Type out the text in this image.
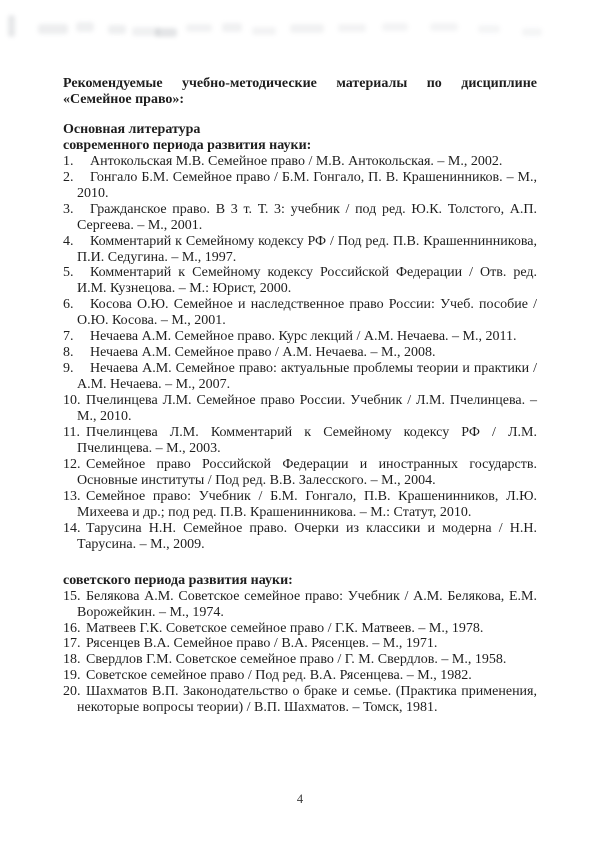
Рекомендуемые учебно-методические материалы по дисциплине
«Семейное право»:
Основная литература
современного периода развития науки:
1. Антокольская М.В. Семейное право / М.В. Антокольская. – М., 2002.
2. Гонгало Б.М. Семейное право / Б.М. Гонгало, П. В. Крашенинников. – М., 2010.
3. Гражданское право. В 3 т. Т. 3: учебник / под ред. Ю.К. Толстого, А.П. Сергеева. – М., 2001.
4. Комментарий к Семейному кодексу РФ / Под ред. П.В. Крашеннинникова, П.И. Седугина. – М., 1997.
5. Комментарий к Семейному кодексу Российской Федерации / Отв. ред. И.М. Кузнецова. – М.: Юрист, 2000.
6. Косова О.Ю. Семейное и наследственное право России: Учеб. пособие / О.Ю. Косова. – М., 2001.
7. Нечаева А.М. Семейное право. Курс лекций / А.М. Нечаева. – М., 2011.
8. Нечаева А.М. Семейное право / А.М. Нечаева. – М., 2008.
9. Нечаева А.М. Семейное право: актуальные проблемы теории и практики / А.М. Нечаева. – М., 2007.
10. Пчелинцева Л.М. Семейное право России. Учебник / Л.М. Пчелинцева. – М., 2010.
11. Пчелинцева Л.М. Комментарий к Семейному кодексу РФ / Л.М. Пчелинцева. – М., 2003.
12. Семейное право Российской Федерации и иностранных государств. Основные институты / Под ред. В.В. Залесского. – М., 2004.
13. Семейное право: Учебник / Б.М. Гонгало, П.В. Крашенинников, Л.Ю. Михеева и др.; под ред. П.В. Крашенинникова. – М.: Статут, 2010.
14. Тарусина Н.Н. Семейное право. Очерки из классики и модерна / Н.Н. Тарусина. – М., 2009.
советского периода развития науки:
15. Белякова А.М. Советское семейное право: Учебник / А.М. Белякова, Е.М. Ворожейкин. – М., 1974.
16. Матвеев Г.К. Советское семейное право / Г.К. Матвеев. – М., 1978.
17. Рясенцев В.А. Семейное право / В.А. Рясенцев. – М., 1971.
18. Свердлов Г.М. Советское семейное право / Г. М. Свердлов. – М., 1958.
19. Советское семейное право / Под ред. В.А. Рясенцева. – М., 1982.
20. Шахматов В.П. Законодательство о браке и семье. (Практика применения, некоторые вопросы теории) / В.П. Шахматов. – Томск, 1981.
4
